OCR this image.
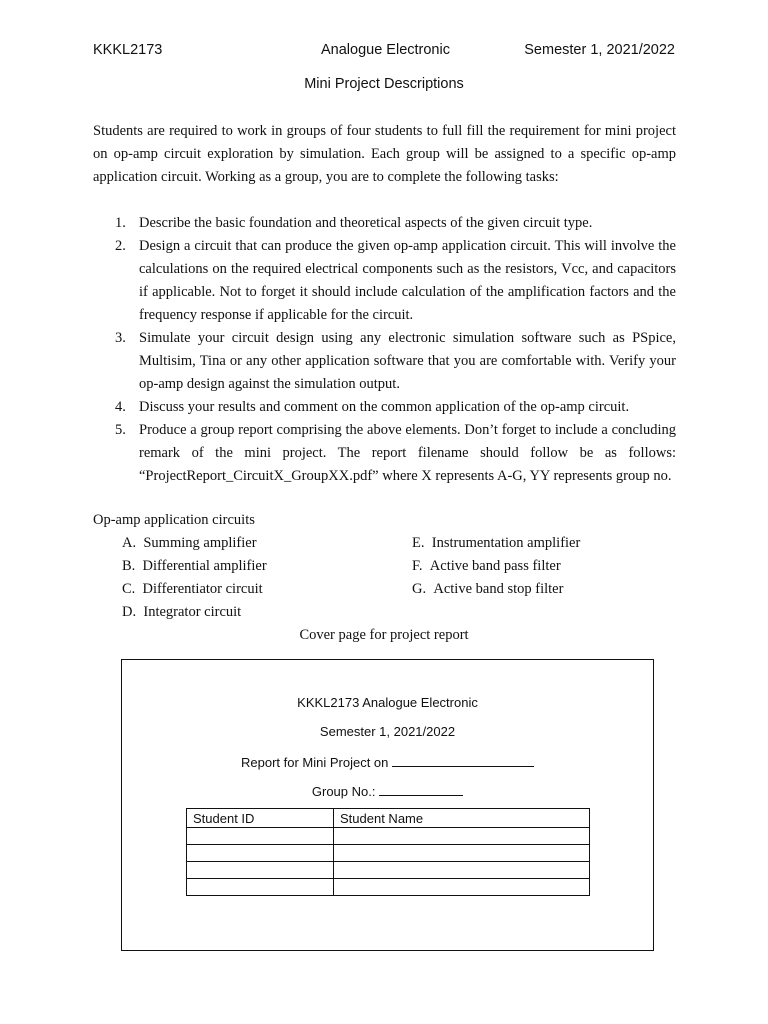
KKKL2173	Analogue Electronic	Semester 1, 2021/2022
Mini Project Descriptions
Students are required to work in groups of four students to full fill the requirement for mini project on op-amp circuit exploration by simulation. Each group will be assigned to a specific op-amp application circuit. Working as a group, you are to complete the following tasks:
1. Describe the basic foundation and theoretical aspects of the given circuit type.
2. Design a circuit that can produce the given op-amp application circuit. This will involve the calculations on the required electrical components such as the resistors, Vcc, and capacitors if applicable. Not to forget it should include calculation of the amplification factors and the frequency response if applicable for the circuit.
3. Simulate your circuit design using any electronic simulation software such as PSpice, Multisim, Tina or any other application software that you are comfortable with. Verify your op-amp design against the simulation output.
4. Discuss your results and comment on the common application of the op-amp circuit.
5. Produce a group report comprising the above elements. Don’t forget to include a concluding remark of the mini project. The report filename should follow be as follows: “ProjectReport_CircuitX_GroupXX.pdf” where X represents A-G, YY represents group no.
Op-amp application circuits
A. Summing amplifier
B. Differential amplifier
C. Differentiator circuit
D. Integrator circuit
E. Instrumentation amplifier
F. Active band pass filter
G. Active band stop filter
Cover page for project report
KKKL2173 Analogue Electronic
Semester 1, 2021/2022
Report for Mini Project on
Group No.:
Student ID	Student Name
